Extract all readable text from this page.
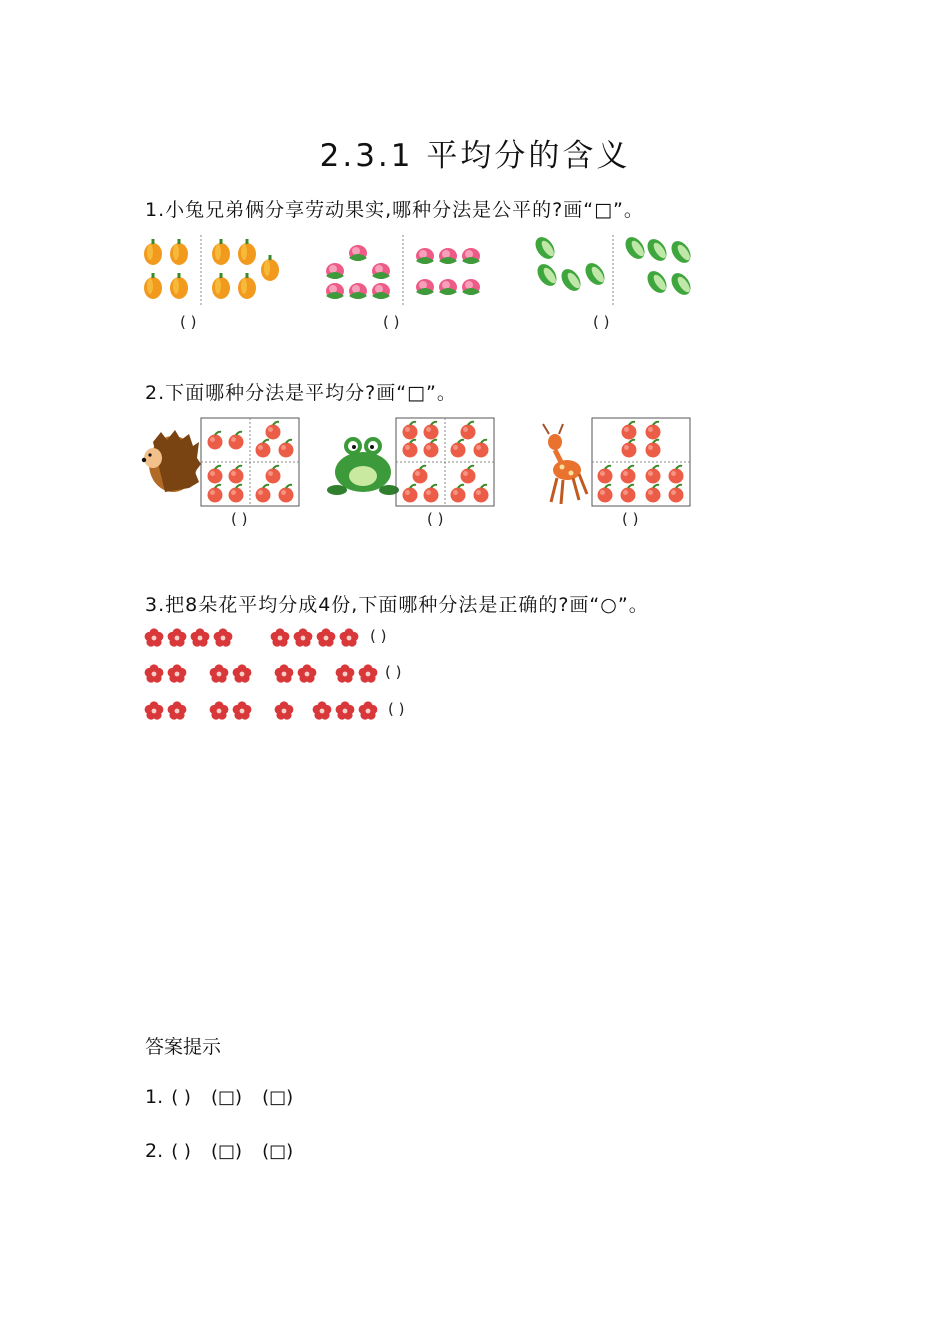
2.3.1 平均分的含义
1.小兔兄弟俩分享劳动果实,哪种分法是公平的?画“□”。
( )	( )	( )
2.下面哪种分法是平均分?画“□”。
( )	( )	( )
3.把8朵花平均分成4份,下面哪种分法是正确的?画“○”。
( )
( )
( )
答案提示
1. ( ) (□) (□)
2. ( ) (□) (□)
